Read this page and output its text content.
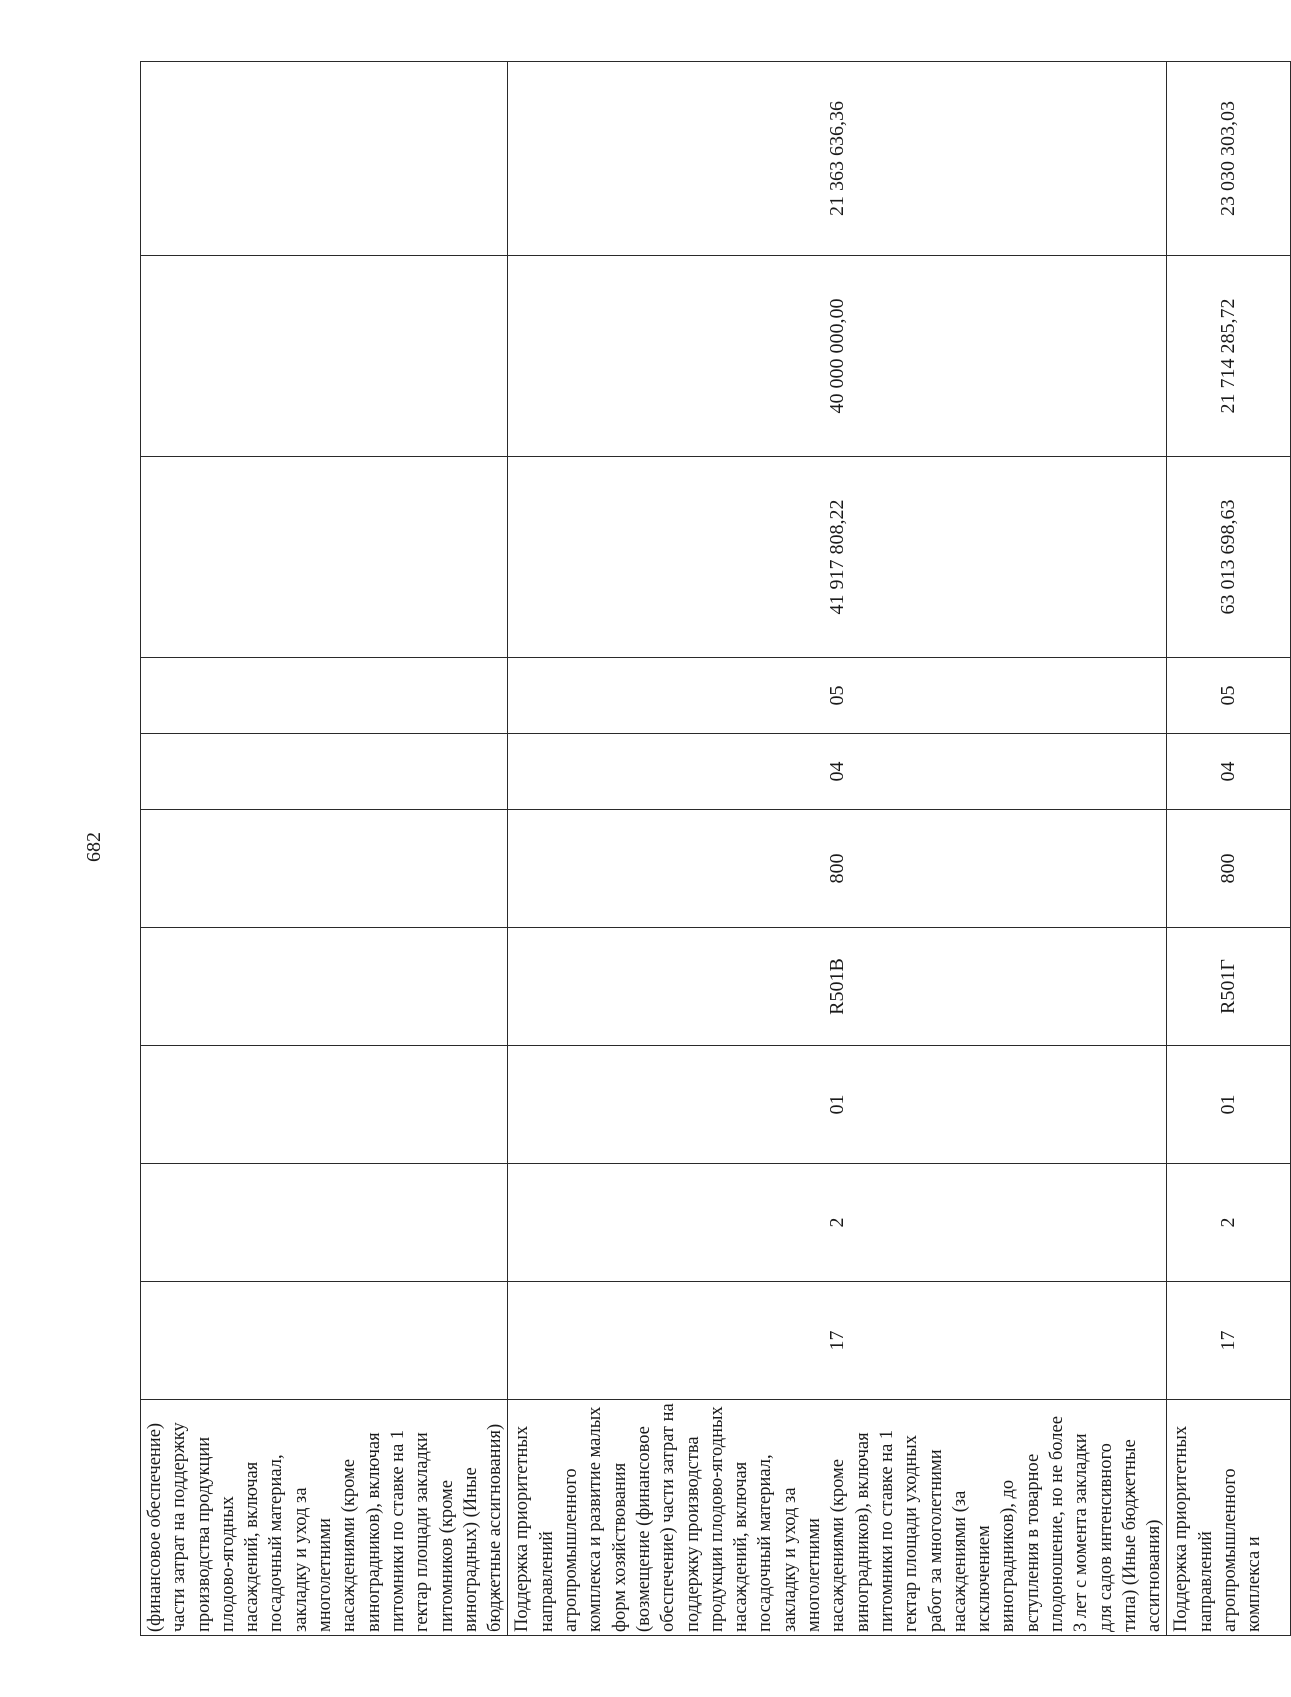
682
(финансовое обеспечение) части затрат на поддержку производства продукции плодово-ягодных насаждений, включая посадочный материал, закладку и уход за многолетними насаждениями (кроме виноградников), включая питомники по ставке на 1 гектар площади закладки питомников (кроме виноградных) (Иные бюджетные ассигнования)										
Поддержка приоритетных направлений агропромышленного комплекса и развитие малых форм хозяйствования (возмещение (финансовое обеспечение) части затрат на поддержку производства продукции плодово-ягодных насаждений, включая посадочный материал, закладку и уход за многолетними насаждениями (кроме виноградников), включая питомники по ставке на 1 гектар площади уходных работ за многолетними насаждениями (за исключением виноградников), до вступления в товарное плодоношение, но не более 3 лет с момента закладки для садов интенсивного типа) (Иные бюджетные ассигнования)	17	2	01	R501В	800	04	05	41 917 808,22	40 000 000,00	21 363 636,36
Поддержка приоритетных направлений агропромышленного комплекса и	17	2	01	R501Г	800	04	05	63 013 698,63	21 714 285,72	23 030 303,03
